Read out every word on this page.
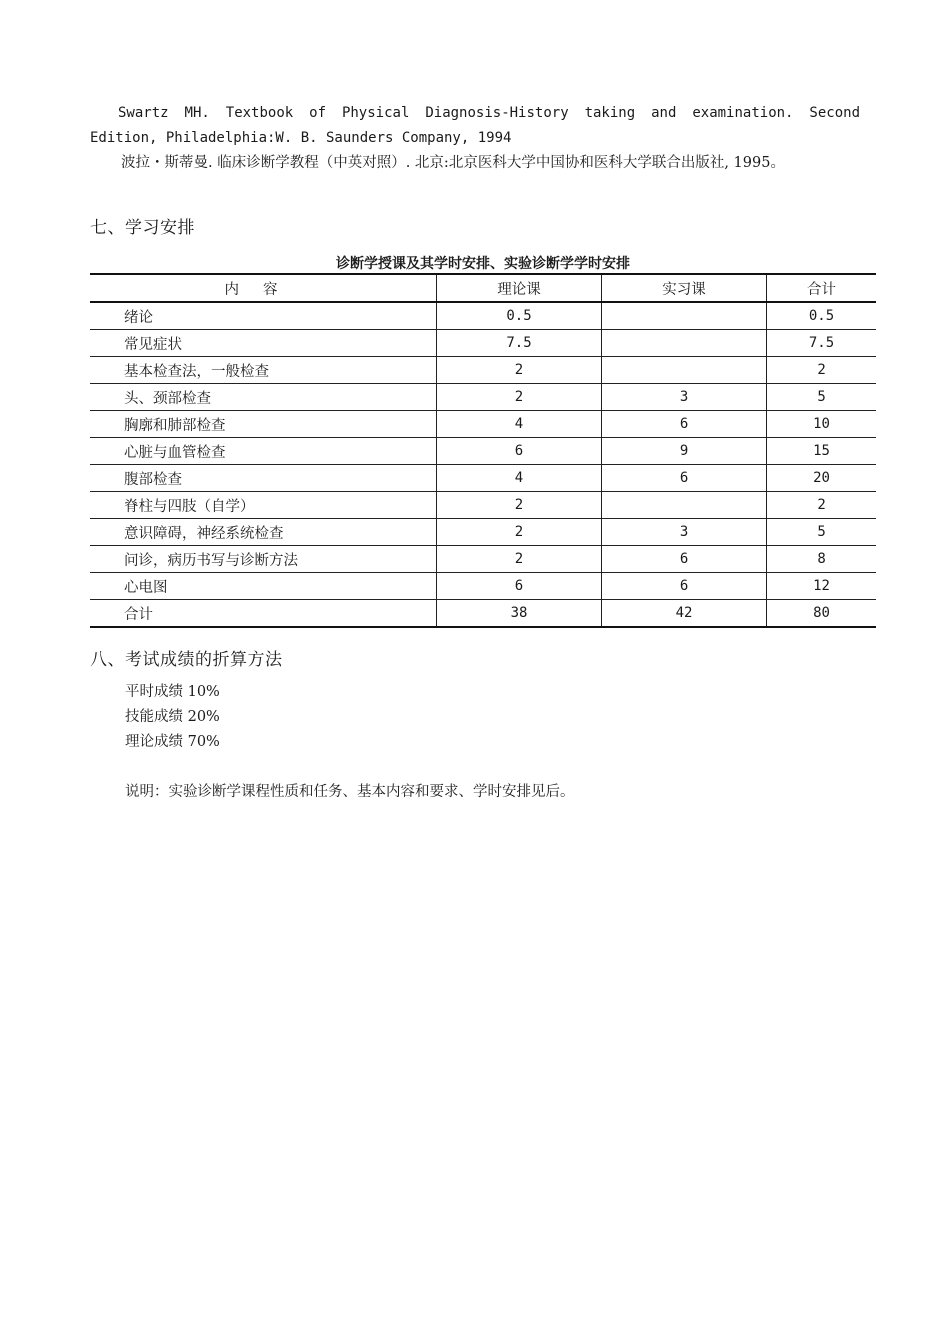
Swartz MH. Textbook of Physical Diagnosis-History taking and examination. Second Edition, Philadelphia:W. B. Saunders Company, 1994
波拉・斯蒂曼. 临床诊断学教程（中英对照）. 北京:北京医科大学中国协和医科大学联合出版社, 1995。
七、学习安排
诊断学授课及其学时安排、实验诊断学学时安排
内容	理论课	实习课	合计
绪论	0.5		0.5
常见症状	7.5		7.5
基本检查法，一般检查	2		2
头、颈部检查	2	3	5
胸廓和肺部检查	4	6	10
心脏与血管检查	6	9	15
腹部检查	4	6	20
脊柱与四肢（自学）	2		2
意识障碍，神经系统检查	2	3	5
问诊，病历书写与诊断方法	2	6	8
心电图	6	6	12
合计	38	42	80
八、考试成绩的折算方法
平时成绩 10%
技能成绩 20%
理论成绩 70%
说明：实验诊断学课程性质和任务、基本内容和要求、学时安排见后。
